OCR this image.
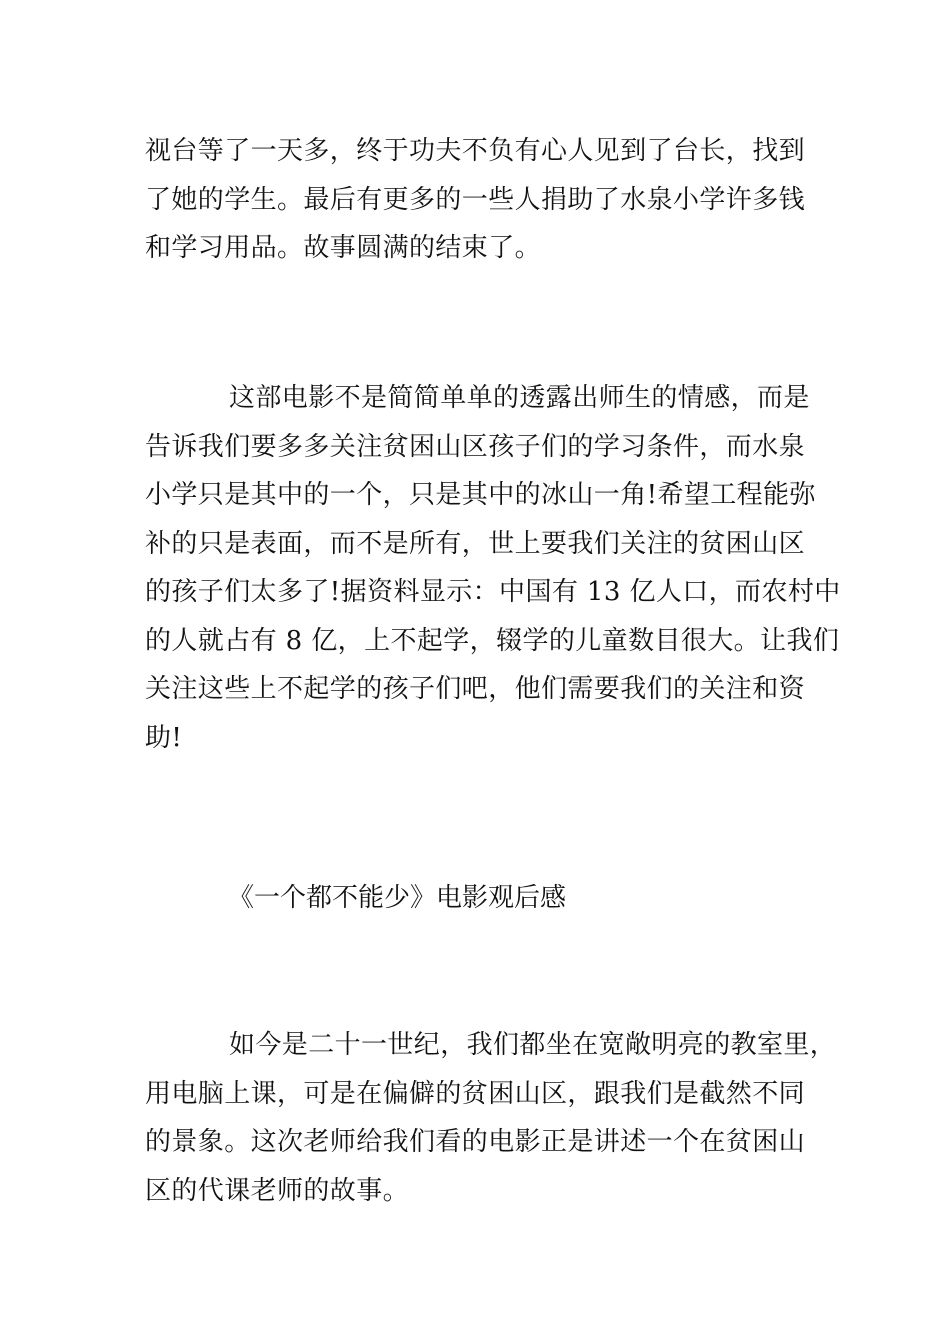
视台等了一天多，终于功夫不负有心人见到了台长，找到
了她的学生。最后有更多的一些人捐助了水泉小学许多钱
和学习用品。故事圆满的结束了。

这部电影不是简简单单的透露出师生的情感，而是
告诉我们要多多关注贫困山区孩子们的学习条件，而水泉
小学只是其中的一个，只是其中的冰山一角!希望工程能弥
补的只是表面，而不是所有，世上要我们关注的贫困山区
的孩子们太多了!据资料显示：中国有 13 亿人口，而农村中
的人就占有 8 亿，上不起学，辍学的儿童数目很大。让我们
关注这些上不起学的孩子们吧，他们需要我们的关注和资
助!

《一个都不能少》电影观后感

如今是二十一世纪，我们都坐在宽敞明亮的教室里，
用电脑上课，可是在偏僻的贫困山区，跟我们是截然不同
的景象。这次老师给我们看的电影正是讲述一个在贫困山
区的代课老师的故事。
